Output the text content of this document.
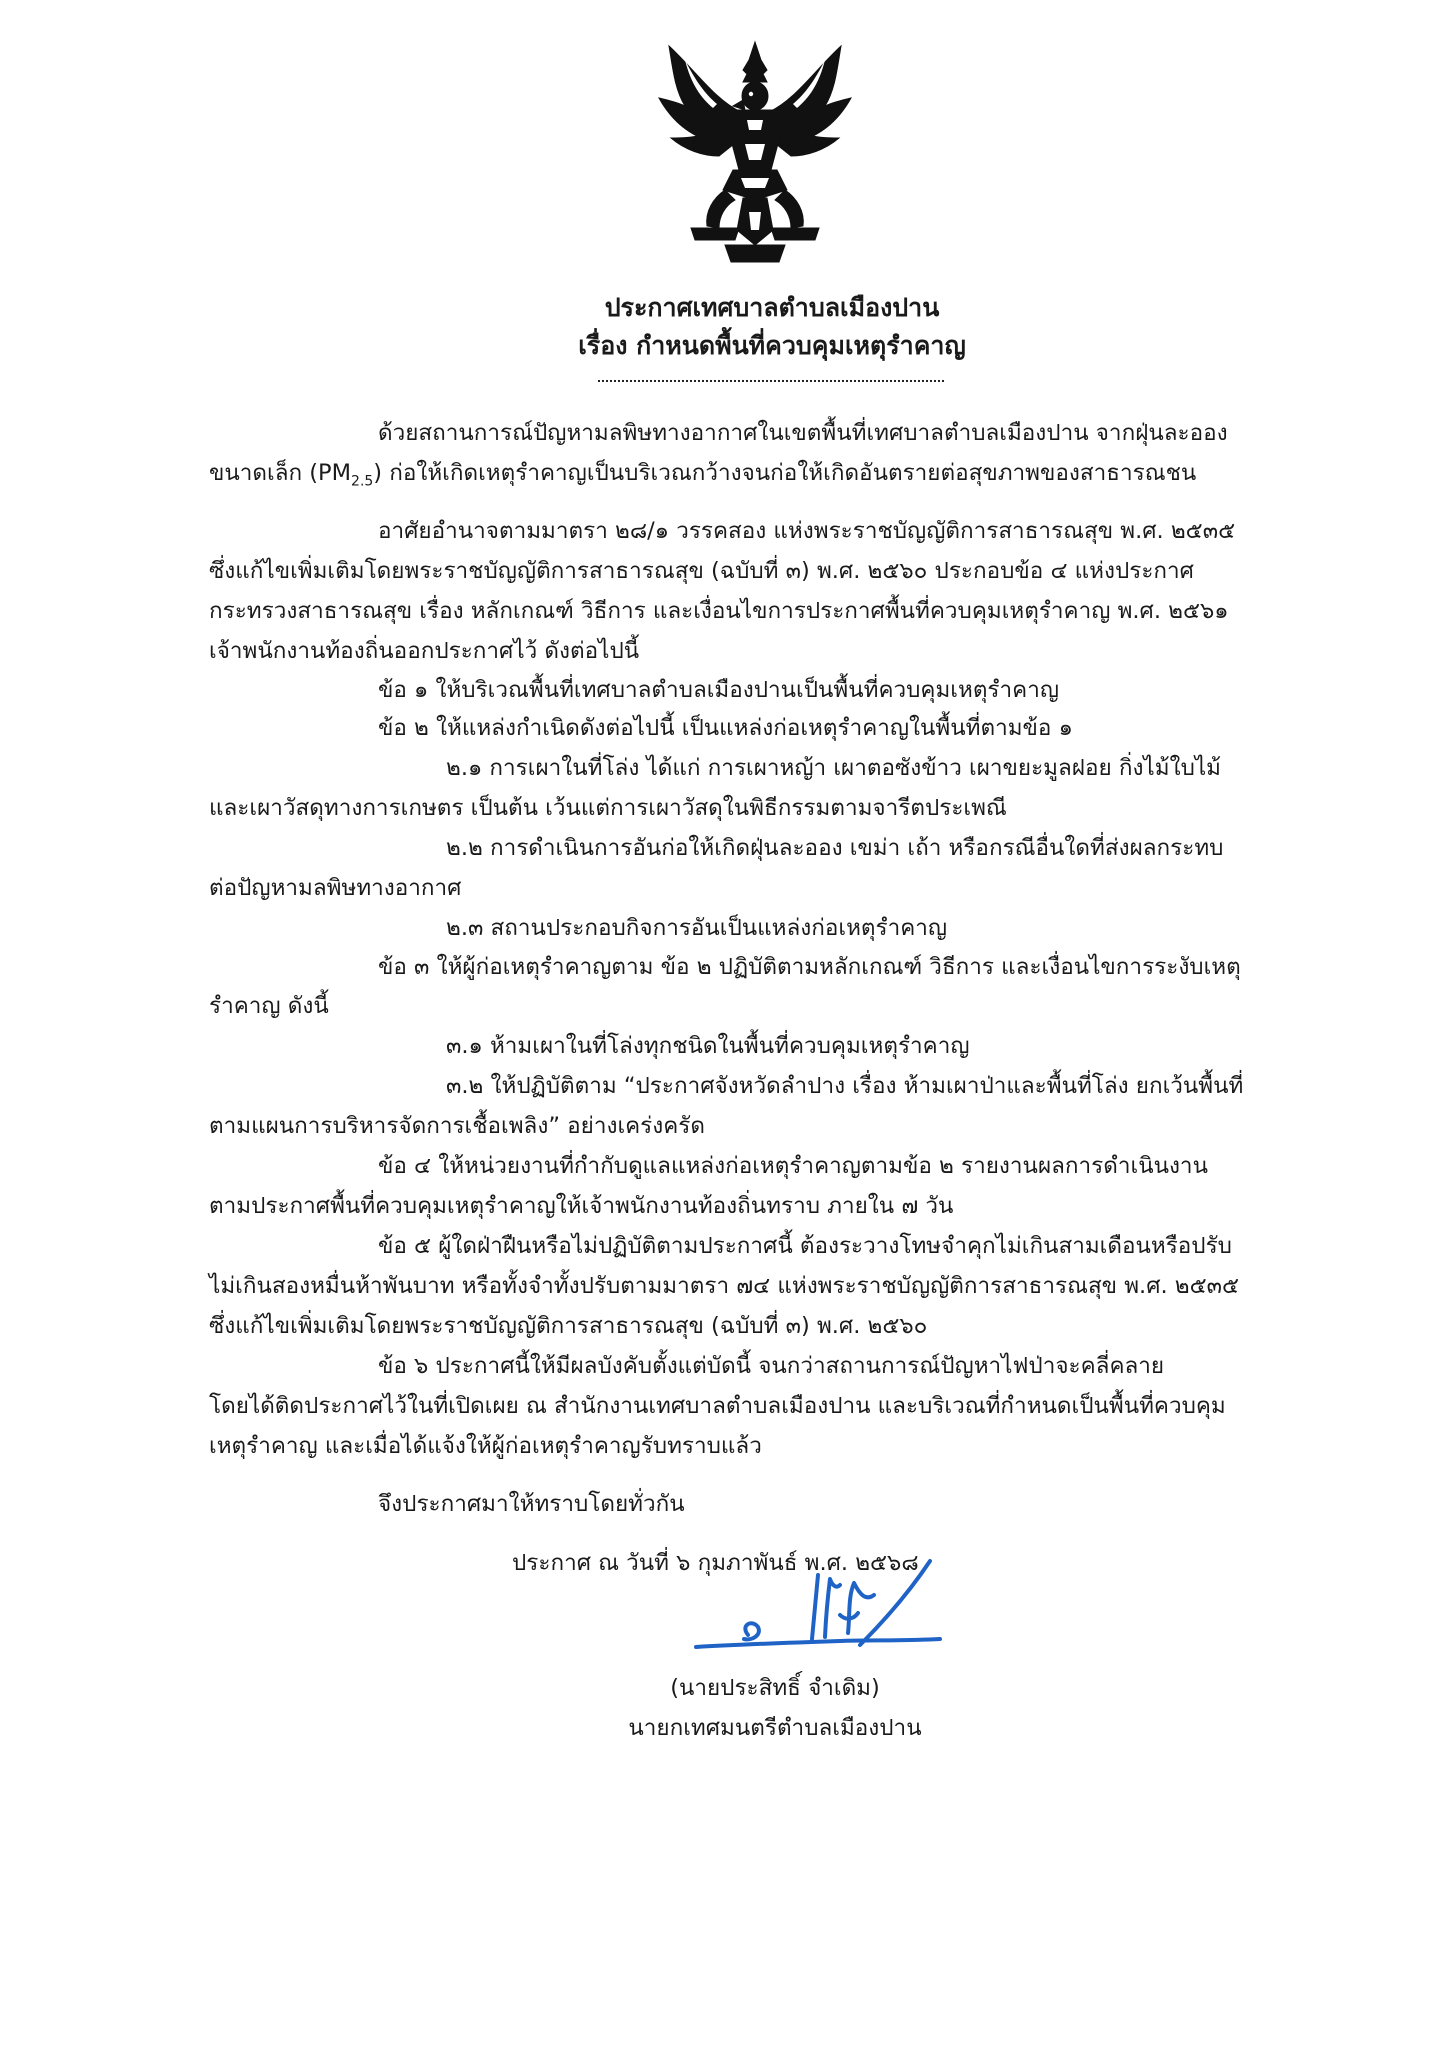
ประกาศเทศบาลตำบลเมืองปาน
เรื่อง กำหนดพื้นที่ควบคุมเหตุรำคาญ
ด้วยสถานการณ์ปัญหามลพิษทางอากาศในเขตพื้นที่เทศบาลตำบลเมืองปาน จากฝุ่นละออง
ขนาดเล็ก $(PM_{2.5})$ ก่อให้เกิดเหตุรำคาญเป็นบริเวณกว้างจนก่อให้เกิดอันตรายต่อสุขภาพของสาธารณชน
อาศัยอำนาจตามมาตรา ๒๘/๑ วรรคสอง แห่งพระราชบัญญัติการสาธารณสุข พ.ศ. ๒๕๓๕
ซึ่งแก้ไขเพิ่มเติมโดยพระราชบัญญัติการสาธารณสุข (ฉบับที่ ๓) พ.ศ. ๒๕๖๐ ประกอบข้อ ๔ แห่งประกาศ
กระทรวงสาธารณสุข เรื่อง หลักเกณฑ์ วิธีการ และเงื่อนไขการประกาศพื้นที่ควบคุมเหตุรำคาญ พ.ศ. ๒๕๖๑
เจ้าพนักงานท้องถิ่นออกประกาศไว้ ดังต่อไปนี้
ข้อ ๑ ให้บริเวณพื้นที่เทศบาลตำบลเมืองปานเป็นพื้นที่ควบคุมเหตุรำคาญ
ข้อ ๒ ให้แหล่งกำเนิดดังต่อไปนี้ เป็นแหล่งก่อเหตุรำคาญในพื้นที่ตามข้อ ๑
๒.๑ การเผาในที่โล่ง ได้แก่ การเผาหญ้า เผาตอซังข้าว เผาขยะมูลฝอย กิ่งไม้ใบไม้
และเผาวัสดุทางการเกษตร เป็นต้น เว้นแต่การเผาวัสดุในพิธีกรรมตามจารีตประเพณี
๒.๒ การดำเนินการอันก่อให้เกิดฝุ่นละออง เขม่า เถ้า หรือกรณีอื่นใดที่ส่งผลกระทบ
ต่อปัญหามลพิษทางอากาศ
๒.๓ สถานประกอบกิจการอันเป็นแหล่งก่อเหตุรำคาญ
ข้อ ๓ ให้ผู้ก่อเหตุรำคาญตาม ข้อ ๒ ปฏิบัติตามหลักเกณฑ์ วิธีการ และเงื่อนไขการระงับเหตุ
รำคาญ ดังนี้
๓.๑ ห้ามเผาในที่โล่งทุกชนิดในพื้นที่ควบคุมเหตุรำคาญ
๓.๒ ให้ปฏิบัติตาม “ประกาศจังหวัดลำปาง เรื่อง ห้ามเผาป่าและพื้นที่โล่ง ยกเว้นพื้นที่
ตามแผนการบริหารจัดการเชื้อเพลิง” อย่างเคร่งครัด
ข้อ ๔ ให้หน่วยงานที่กำกับดูแลแหล่งก่อเหตุรำคาญตามข้อ ๒ รายงานผลการดำเนินงาน
ตามประกาศพื้นที่ควบคุมเหตุรำคาญให้เจ้าพนักงานท้องถิ่นทราบ ภายใน ๗ วัน
ข้อ ๕ ผู้ใดฝ่าฝืนหรือไม่ปฏิบัติตามประกาศนี้ ต้องระวางโทษจำคุกไม่เกินสามเดือนหรือปรับ
ไม่เกินสองหมื่นห้าพันบาท หรือทั้งจำทั้งปรับตามมาตรา ๗๔ แห่งพระราชบัญญัติการสาธารณสุข พ.ศ. ๒๕๓๕
ซึ่งแก้ไขเพิ่มเติมโดยพระราชบัญญัติการสาธารณสุข (ฉบับที่ ๓) พ.ศ. ๒๕๖๐
ข้อ ๖ ประกาศนี้ให้มีผลบังคับตั้งแต่บัดนี้ จนกว่าสถานการณ์ปัญหาไฟป่าจะคลี่คลาย
โดยได้ติดประกาศไว้ในที่เปิดเผย ณ สำนักงานเทศบาลตำบลเมืองปาน และบริเวณที่กำหนดเป็นพื้นที่ควบคุม
เหตุรำคาญ และเมื่อได้แจ้งให้ผู้ก่อเหตุรำคาญรับทราบแล้ว
จึงประกาศมาให้ทราบโดยทั่วกัน
ประกาศ ณ วันที่ ๖ กุมภาพันธ์ พ.ศ. ๒๕๖๘
(นายประสิทธิ์ จำเดิม)
นายกเทศมนตรีตำบลเมืองปาน
